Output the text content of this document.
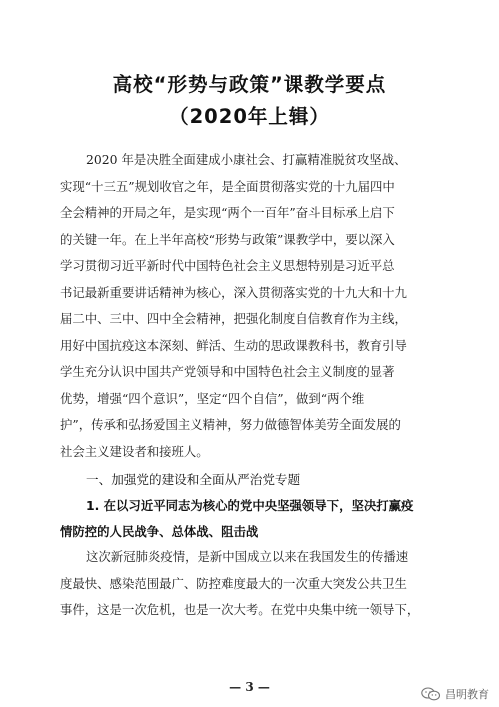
高校“形势与政策”课教学要点
（2020年上辑）
2020 年是决胜全面建成小康社会、打赢精准脱贫攻坚战、
实现“十三五”规划收官之年，是全面贯彻落实党的十九届四中
全会精神的开局之年，是实现“两个一百年”奋斗目标承上启下
的关键一年。在上半年高校“形势与政策”课教学中，要以深入
学习贯彻习近平新时代中国特色社会主义思想特别是习近平总
书记最新重要讲话精神为核心，深入贯彻落实党的十九大和十九
届二中、三中、四中全会精神，把强化制度自信教育作为主线，
用好中国抗疫这本深刻、鲜活、生动的思政课教科书，教育引导
学生充分认识中国共产党领导和中国特色社会主义制度的显著
优势，增强“四个意识”，坚定“四个自信”，做到“两个维
护”，传承和弘扬爱国主义精神，努力做德智体美劳全面发展的
社会主义建设者和接班人。
一、加强党的建设和全面从严治党专题
1. 在以习近平同志为核心的党中央坚强领导下，坚决打赢疫
情防控的人民战争、总体战、阻击战
这次新冠肺炎疫情，是新中国成立以来在我国发生的传播速
度最快、感染范围最广、防控难度最大的一次重大突发公共卫生
事件，这是一次危机，也是一次大考。在党中央集中统一领导下，
— 3 —
昌明教育
